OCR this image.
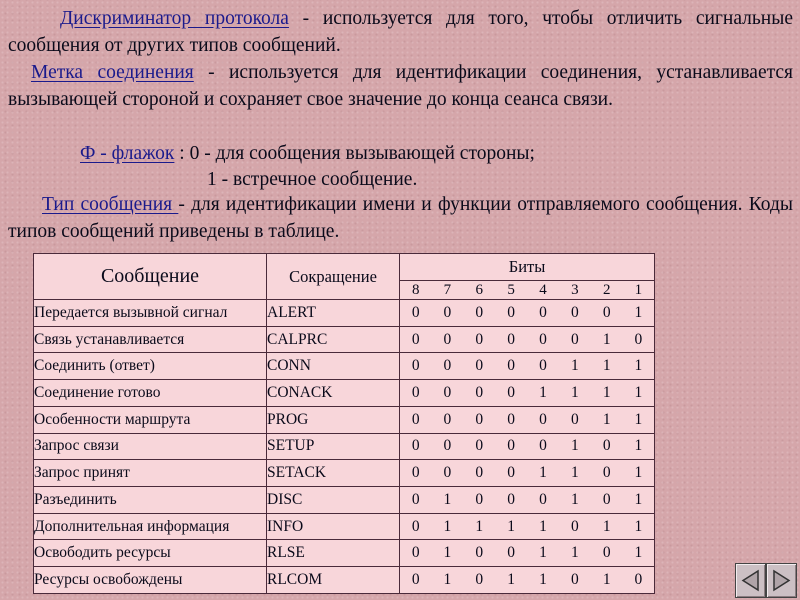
Дискриминатор протокола - используется для того, чтобы отличить сигнальные сообщения от других типов сообщений.

Метка соединения - используется для идентификации соединения, устанавливается вызывающей стороной и сохраняет свое значение до конца сеанса связи.

Ф - флажок : 0 - для сообщения вызывающей стороны;

1 - встречное сообщение.

Тип сообщения - для идентификации имени и функции отправляемого сообщения. Коды типов сообщений приведены в таблице.

Сообщение	Сокращение	Биты							
		8	7	6	5	4	3	2	1
Передается вызывной сигнал	ALERT	0	0	0	0	0	0	0	1
Связь устанавливается	CALPRC	0	0	0	0	0	0	1	0
Соединить (ответ)	CONN	0	0	0	0	0	1	1	1
Соединение готово	CONACK	0	0	0	0	1	1	1	1
Особенности маршрута	PROG	0	0	0	0	0	0	1	1
Запрос связи	SETUP	0	0	0	0	0	1	0	1
Запрос принят	SETACK	0	0	0	0	1	1	0	1
Разъединить	DISC	0	1	0	0	0	1	0	1
Дополнительная информация	INFO	0	1	1	1	1	0	1	1
Освободить ресурсы	RLSE	0	1	0	0	1	1	0	1
Ресурсы освобождены	RLCOM	0	1	0	1	1	0	1	0
